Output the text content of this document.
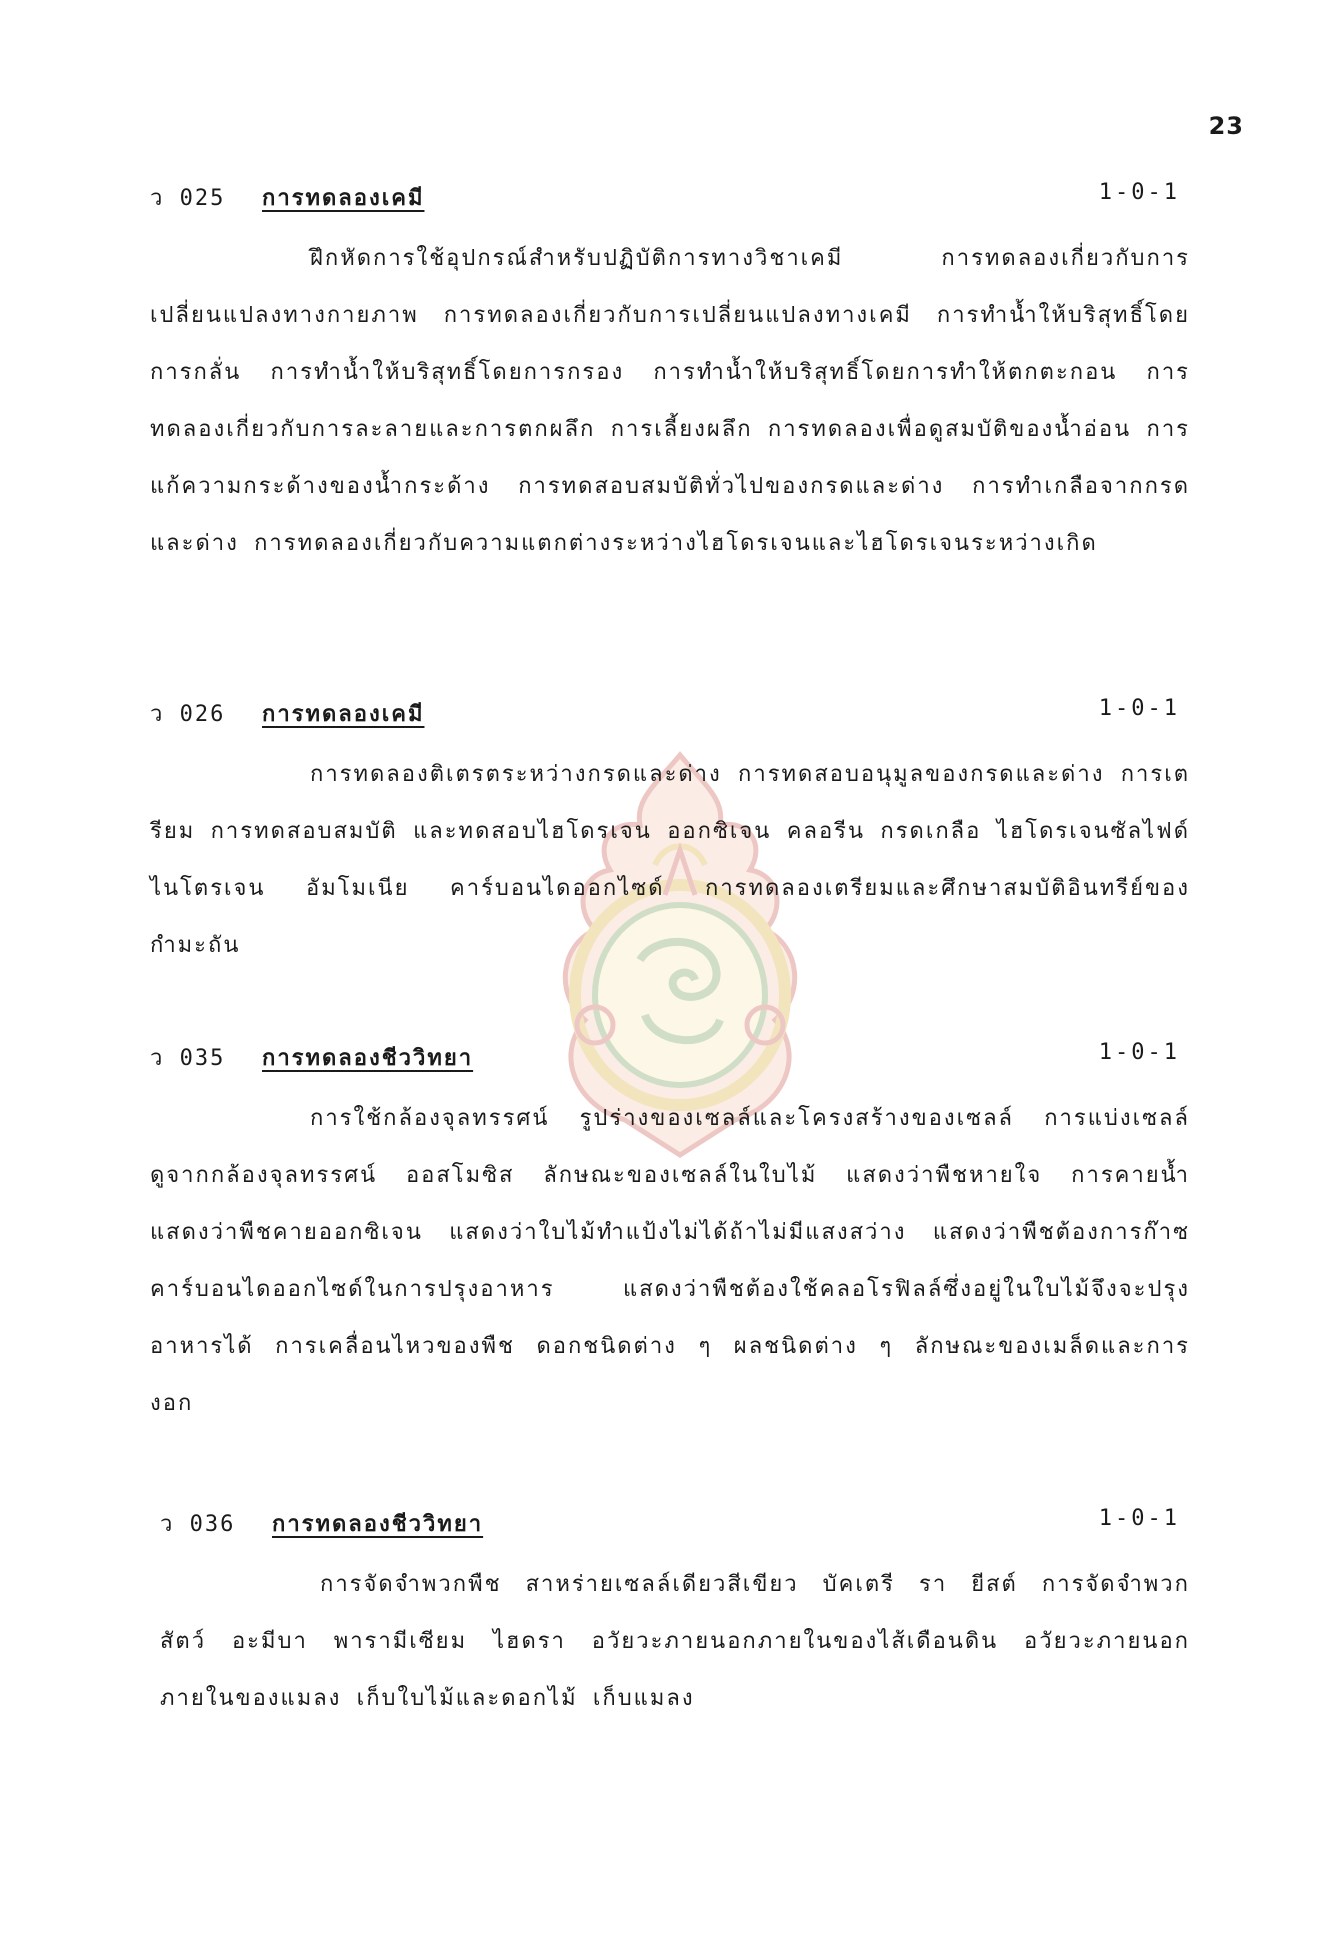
23
ว 025 การทดลองเคมี	1-0-1

ฝึกหัดการใช้อุปกรณ์สำหรับปฏิบัติการทางวิชาเคมี การทดลองเกี่ยวกับการเปลี่ยนแปลงทางกายภาพ การทดลองเกี่ยวกับการเปลี่ยนแปลงทางเคมี การทำน้ำให้บริสุทธิ์โดยการกลั่น การทำน้ำให้บริสุทธิ์โดยการกรอง การทำน้ำให้บริสุทธิ์โดยการทำให้ตกตะกอน การทดลองเกี่ยวกับการละลายและการตกผลึก การเลี้ยงผลึก การทดลองเพื่อดูสมบัติของน้ำอ่อน การแก้ความกระด้างของน้ำกระด้าง การทดสอบสมบัติทั่วไปของกรดและด่าง การทำเกลือจากกรดและด่าง การทดลองเกี่ยวกับความแตกต่างระหว่างไฮโดรเจนและไฮโดรเจนระหว่างเกิด

ว 026 การทดลองเคมี	1-0-1

การทดลองติเตรตระหว่างกรดและด่าง การทดสอบอนุมูลของกรดและด่าง การเตรียม การทดสอบสมบัติ และทดสอบไฮโดรเจน ออกซิเจน คลอรีน กรดเกลือ ไฮโดรเจนซัลไฟด์ ไนโตรเจน อัมโมเนีย คาร์บอนไดออกไซด์ การทดลองเตรียมและศึกษาสมบัติอินทรีย์ของกำมะถัน

ว 035 การทดลองชีววิทยา	1-0-1

การใช้กล้องจุลทรรศน์ รูปร่างของเซลล์และโครงสร้างของเซลล์ การแบ่งเซลล์ ดูจากกล้องจุลทรรศน์ ออสโมซิส ลักษณะของเซลล์ในใบไม้ แสดงว่าพืชหายใจ การคายน้ำ แสดงว่าพืชคายออกซิเจน แสดงว่าใบไม้ทำแป้งไม่ได้ถ้าไม่มีแสงสว่าง แสดงว่าพืชต้องการก๊าซคาร์บอนไดออกไซด์ในการปรุงอาหาร แสดงว่าพืชต้องใช้คลอโรฟิลล์ซึ่งอยู่ในใบไม้จึงจะปรุงอาหารได้ การเคลื่อนไหวของพืช ดอกชนิดต่าง ๆ ผลชนิดต่าง ๆ ลักษณะของเมล็ดและการงอก

ว 036 การทดลองชีววิทยา	1-0-1

การจัดจำพวกพืช สาหร่ายเซลล์เดียวสีเขียว บัคเตรี รา ยีสต์ การจัดจำพวกสัตว์ อะมีบา พารามีเซียม ไฮดรา อวัยวะภายนอกภายในของไส้เดือนดิน อวัยวะภายนอกภายในของแมลง เก็บใบไม้และดอกไม้ เก็บแมลง
